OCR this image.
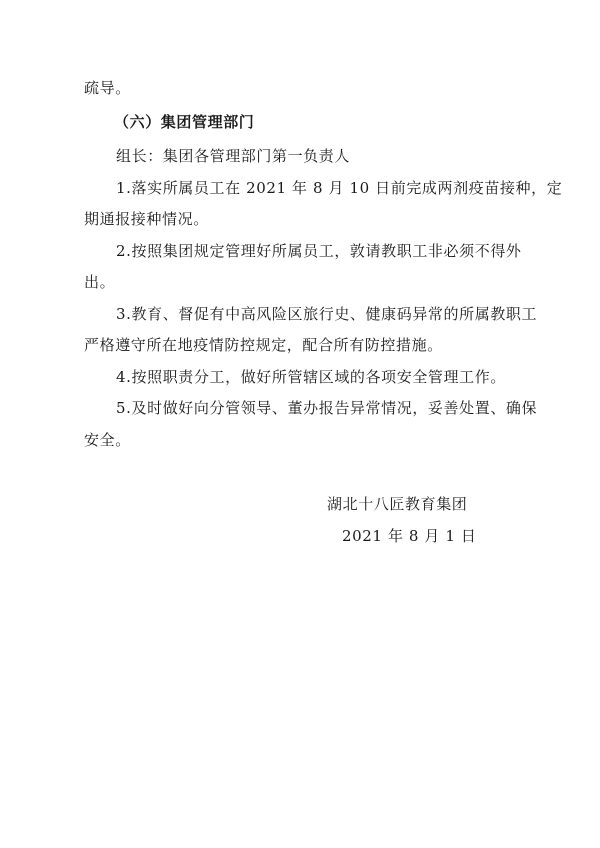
疏导。
（六）集团管理部门
组长：集团各管理部门第一负责人
1.落实所属员工在 2021 年 8 月 10 日前完成两剂疫苗接种，定
期通报接种情况。
2.按照集团规定管理好所属员工，敦请教职工非必须不得外
出。
3.教育、督促有中高风险区旅行史、健康码异常的所属教职工
严格遵守所在地疫情防控规定，配合所有防控措施。
4.按照职责分工，做好所管辖区域的各项安全管理工作。
5.及时做好向分管领导、董办报告异常情况，妥善处置、确保
安全。
湖北十八匠教育集团
2021 年 8 月 1 日
